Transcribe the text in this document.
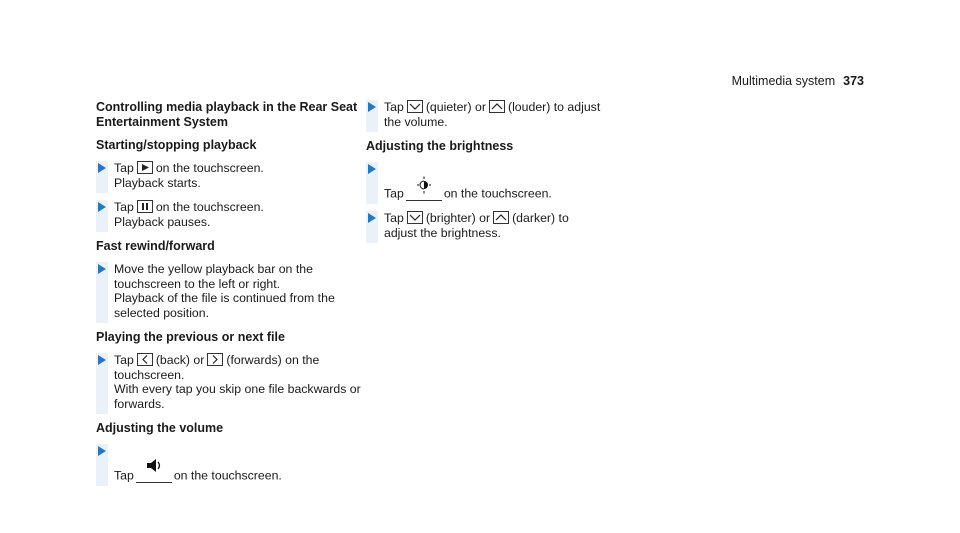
Multimedia system 373
Controlling media playback in the Rear Seat
Entertainment System
Starting/stopping playback
Tap on the touchscreen.
Playback starts.
Tap on the touchscreen.
Playback pauses.
Fast rewind/forward
Move the yellow playback bar on the
touchscreen to the left or right.
Playback of the file is continued from the
selected position.
Playing the previous or next file
Tap (back) or (forwards) on the
touchscreen.
With every tap you skip one file backwards or
forwards.
Adjusting the volume
Tap	on the touchscreen.
Tap (quieter) or (louder) to adjust
the volume.
Adjusting the brightness
Tap	on the touchscreen.
Tap (brighter) or (darker) to
adjust the brightness.
